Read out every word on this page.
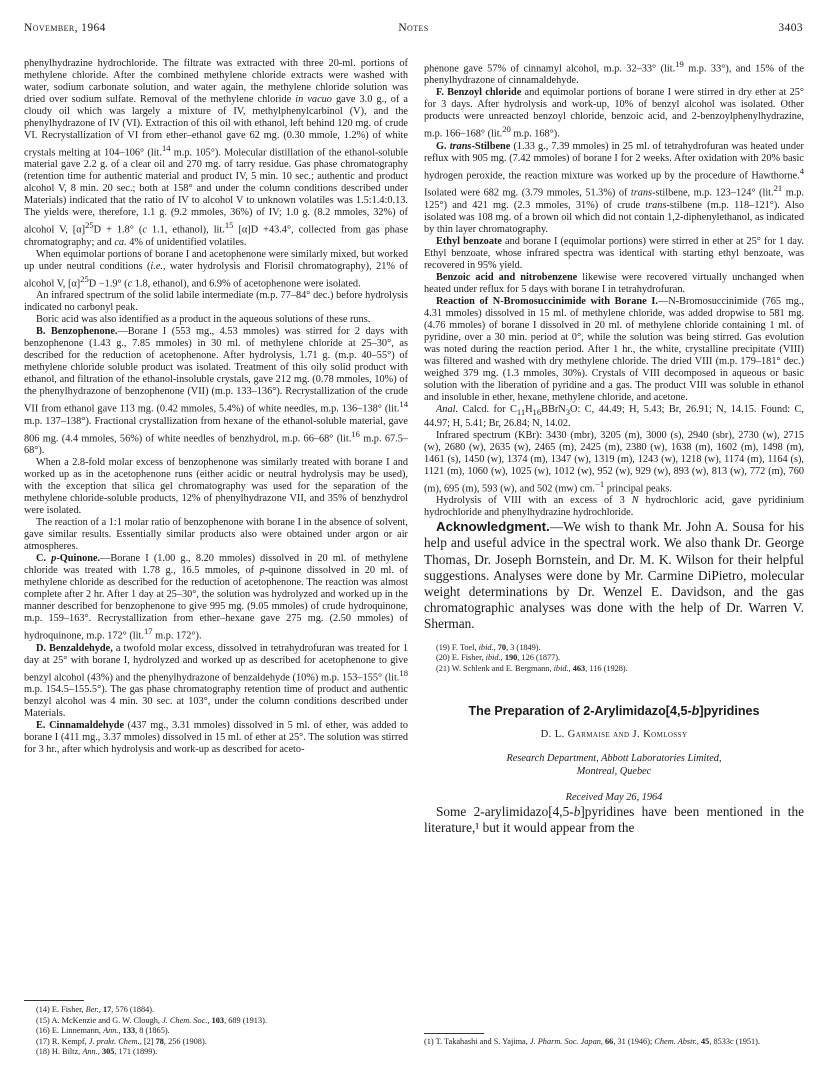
November, 1964	Notes	3403

phenylhydrazine hydrochloride. The filtrate was extracted with three 20-ml. portions of methylene chloride. After the combined methylene chloride extracts were washed with water, sodium carbonate solution, and water again, the methylene chloride solution was dried over sodium sulfate. Removal of the methylene chloride in vacuo gave 3.0 g., of a cloudy oil which was largely a mixture of IV, methylphenylcarbinol (V), and the phenylhydrazone of IV (VI). Extraction of this oil with ethanol, left behind 120 mg. of crude VI. Recrystallization of VI from ether–ethanol gave 62 mg. (0.30 mmole, 1.2%) of white crystals melting at 104–106° (lit.$^{14}$ m.p. 105°). Molecular distillation of the ethanol-soluble material gave 2.2 g. of a clear oil and 270 mg. of tarry residue. Gas phase chromatography (retention time for authentic material and product IV, 5 min. 10 sec.; authentic and product alcohol V, 8 min. 20 sec.; both at 158° and under the column conditions described under Materials) indicated that the ratio of IV to alcohol V to unknown volatiles was 1.5:1.4:0.13. The yields were, therefore, 1.1 g. (9.2 mmoles, 36%) of IV; 1.0 g. (8.2 mmoles, 32%) of alcohol V, $[\alpha]^{25}D + 1.8^\circ$ (c 1.1, ethanol), lit.$^{15}$ [α]D +43.4°, collected from gas phase chromatography; and ca. 4% of unidentified volatiles.

When equimolar portions of borane I and acetophenone were similarly mixed, but worked up under neutral conditions (i.e., water hydrolysis and Florisil chromatography), 21% of alcohol V, $[\alpha]^{25}D -1.9^\circ$ (c 1.8, ethanol), and 6.9% of acetophenone were isolated.

An infrared spectrum of the solid labile intermediate (m.p. 77–84° dec.) before hydrolysis indicated no carbonyl peak.

Boric acid was also identified as a product in the aqueous solutions of these runs.

B. Benzophenone.—Borane I (553 mg., 4.53 mmoles) was stirred for 2 days with benzophenone (1.43 g., 7.85 mmoles) in 30 ml. of methylene chloride at 25–30°, as described for the reduction of acetophenone. After hydrolysis, 1.71 g. (m.p. 40–55°) of methylene chloride soluble product was isolated. Treatment of this oily solid product with ethanol, and filtration of the ethanol-insoluble crystals, gave 212 mg. (0.78 mmoles, 10%) of the phenylhydrazone of benzophenone (VII) (m.p. 133–136°). Recrystallization of the crude VII from ethanol gave 113 mg. (0.42 mmoles, 5.4%) of white needles, m.p. 136–138° (lit.$^{14}$ m.p. 137–138°). Fractional crystallization from hexane of the ethanol-soluble material, gave 806 mg. (4.4 mmoles, 56%) of white needles of benzhydrol, m.p. 66–68° (lit.$^{16}$ m.p. 67.5–68°).

When a 2.8-fold molar excess of benzophenone was similarly treated with borane I and worked up as in the acetophenone runs (either acidic or neutral hydrolysis may be used), with the exception that silica gel chromatography was used for the separation of the methylene chloride-soluble products, 12% of phenylhydrazone VII, and 35% of benzhydrol were isolated.

The reaction of a 1:1 molar ratio of benzophenone with borane I in the absence of solvent, gave similar results. Essentially similar products also were obtained under argon or air atmospheres.

C. p-Quinone.—Borane I (1.00 g., 8.20 mmoles) dissolved in 20 ml. of methylene chloride was treated with 1.78 g., 16.5 mmoles, of p-quinone dissolved in 20 ml. of methylene chloride as described for the reduction of acetophenone. The reaction was almost complete after 2 hr. After 1 day at 25–30°, the solution was hydrolyzed and worked up in the manner described for benzophenone to give 995 mg. (9.05 mmoles) of crude hydroquinone, m.p. 159–163°. Recrystallization from ether–hexane gave 275 mg. (2.50 mmoles) of hydroquinone, m.p. 172° (lit.$^{17}$ m.p. 172°).

D. Benzaldehyde, a twofold molar excess, dissolved in tetrahydrofuran was treated for 1 day at 25° with borane I, hydrolyzed and worked up as described for acetophenone to give benzyl alcohol (43%) and the phenylhydrazone of benzaldehyde (10%) m.p. 153–155° (lit.$^{18}$ m.p. 154.5–155.5°). The gas phase chromatography retention time of product and authentic benzyl alcohol was 4 min. 30 sec. at 103°, under the column conditions described under Materials.

E. Cinnamaldehyde (437 mg., 3.31 mmoles) dissolved in 5 ml. of ether, was added to borane I (411 mg., 3.37 mmoles) dissolved in 15 ml. of ether at 25°. The solution was stirred for 3 hr., after which hydrolysis and work-up as described for aceto-

phenone gave 57% of cinnamyl alcohol, m.p. 32–33° (lit.$^{19}$ m.p. 33°), and 15% of the phenylhydrazone of cinnamaldehyde.

F. Benzoyl chloride and equimolar portions of borane I were stirred in dry ether at 25° for 3 days. After hydrolysis and work-up, 10% of benzyl alcohol was isolated. Other products were unreacted benzoyl chloride, benzoic acid, and 2-benzoylphenylhydrazine, m.p. 166–168° (lit.$^{20}$ m.p. 168°).

G. trans-Stilbene (1.33 g., 7.39 mmoles) in 25 ml. of tetrahydrofuran was heated under reflux with 905 mg. (7.42 mmoles) of borane I for 2 weeks. After oxidation with 20% basic hydrogen peroxide, the reaction mixture was worked up by the procedure of Hawthorne.$^4$ Isolated were 682 mg. (3.79 mmoles, 51.3%) of trans-stilbene, m.p. 123–124° (lit.$^{21}$ m.p. 125°) and 421 mg. (2.3 mmoles, 31%) of crude trans-stilbene (m.p. 118–121°). Also isolated was 108 mg. of a brown oil which did not contain 1,2-diphenylethanol, as indicated by thin layer chromatography.

Ethyl benzoate and borane I (equimolar portions) were stirred in ether at 25° for 1 day. Ethyl benzoate, whose infrared spectra was identical with starting ethyl benzoate, was recovered in 95% yield.

Benzoic acid and nitrobenzene likewise were recovered virtually unchanged when heated under reflux for 5 days with borane I in tetrahydrofuran.

Reaction of N-Bromosuccinimide with Borane I.—N-Bromosuccinimide (765 mg., 4.31 mmoles) dissolved in 15 ml. of methylene chloride, was added dropwise to 581 mg. (4.76 mmoles) of borane I dissolved in 20 ml. of methylene chloride containing 1 ml. of pyridine, over a 30 min. period at 0°, while the solution was being stirred. Gas evolution was noted during the reaction period. After 1 hr., the white, crystalline precipitate (VIII) was filtered and washed with dry methylene chloride. The dried VIII (m.p. 179–181° dec.) weighed 379 mg. (1.3 mmoles, 30%). Crystals of VIII decomposed in aqueous or basic solution with the liberation of pyridine and a gas. The product VIII was soluble in ethanol and insoluble in ether, hexane, methylene chloride, and acetone.

Anal. Calcd. for $C_{11}H_{16}BBrN_3O$: C, 44.49; H, 5.43; Br, 26.91; N, 14.15. Found: C, 44.97; H, 5.41; Br, 26.84; N, 14.02.

Infrared spectrum (KBr): 3430 (mbr), 3205 (m), 3000 (s), 2940 (sbr), 2730 (w), 2715 (w), 2680 (w), 2635 (w), 2465 (m), 2425 (m), 2380 (w), 1638 (m), 1602 (m), 1498 (m), 1461 (s), 1450 (w), 1374 (m), 1347 (w), 1319 (m), 1243 (w), 1218 (w), 1174 (m), 1164 (s), 1121 (m), 1060 (w), 1025 (w), 1012 (w), 952 (w), 929 (w), 893 (w), 813 (w), 772 (m), 760 (m), 695 (m), 593 (w), and 502 (mw) cm.$^{-1}$ principal peaks.

Hydrolysis of VIII with an excess of 3 N hydrochloric acid, gave pyridinium hydrochloride and phenylhydrazine hydrochloride.

Acknowledgment.—We wish to thank Mr. John A. Sousa for his help and useful advice in the spectral work. We also thank Dr. George Thomas, Dr. Joseph Bornstein, and Dr. M. K. Wilson for their helpful suggestions. Analyses were done by Mr. Carmine DiPietro, molecular weight determinations by Dr. Wenzel E. Davidson, and the gas chromatographic analyses was done with the help of Dr. Warren V. Sherman.

(19) F. Toel, ibid., 70, 3 (1849).
(20) E. Fisher, ibid., 190, 126 (1877).
(21) W. Schlenk and E. Bergmann, ibid., 463, 116 (1928).
The Preparation of 2-Arylimidazo[4,5-b]pyridines
D. L. Garmaise and J. Komlossy
Research Department, Abbott Laboratories Limited,
Montreal, Quebec
Received May 26, 1964

Some 2-arylimidazo[4,5-b]pyridines have been mentioned in the literature,¹ but it would appear from the

(14) E. Fisher, Ber., 17, 576 (1884).
(15) A. McKenzie and G. W. Clough, J. Chem. Soc., 103, 689 (1913).
(16) E. Linnemann, Ann., 133, 8 (1865).
(17) R. Kempf, J. prakt. Chem., [2] 78, 256 (1908).
(18) H. Biltz, Ann., 305, 171 (1899).
(1) T. Takahashi and S. Yajima, J. Pharm. Soc. Japan, 66, 31 (1946); Chem. Abstr., 45, 8533c (1951).
